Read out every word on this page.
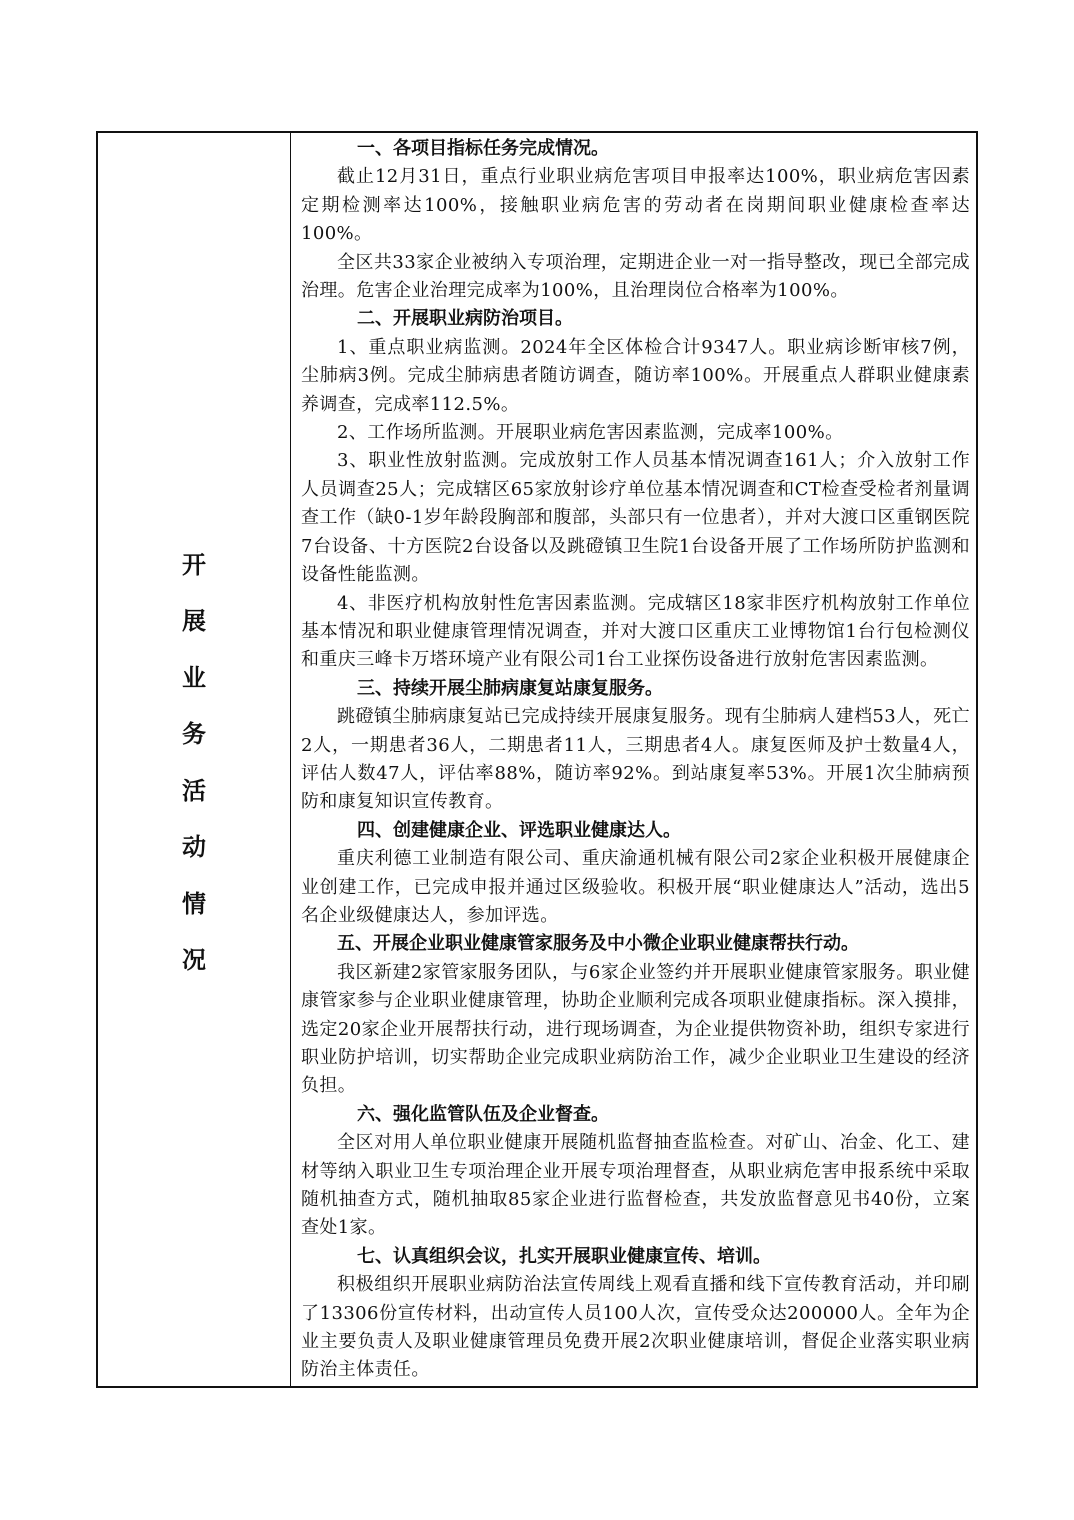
开
展
业
务
活
动
情
况
一、各项目指标任务完成情况。

截止12月31日，重点行业职业病危害项目申报率达100%，职业病危害因素定期检测率达100%，接触职业病危害的劳动者在岗期间职业健康检查率达100%。

全区共33家企业被纳入专项治理，定期进企业一对一指导整改，现已全部完成治理。危害企业治理完成率为100%，且治理岗位合格率为100%。

二、开展职业病防治项目。

1、重点职业病监测。2024年全区体检合计9347人。职业病诊断审核7例，尘肺病3例。完成尘肺病患者随访调查，随访率100%。开展重点人群职业健康素养调查，完成率112.5%。

2、工作场所监测。开展职业病危害因素监测，完成率100%。

3、职业性放射监测。完成放射工作人员基本情况调查161人；介入放射工作人员调查25人；完成辖区65家放射诊疗单位基本情况调查和CT检查受检者剂量调查工作（缺0-1岁年龄段胸部和腹部，头部只有一位患者），并对大渡口区重钢医院7台设备、十方医院2台设备以及跳磴镇卫生院1台设备开展了工作场所防护监测和设备性能监测。

4、非医疗机构放射性危害因素监测。完成辖区18家非医疗机构放射工作单位基本情况和职业健康管理情况调查，并对大渡口区重庆工业博物馆1台行包检测仪和重庆三峰卡万塔环境产业有限公司1台工业探伤设备进行放射危害因素监测。

三、持续开展尘肺病康复站康复服务。

跳磴镇尘肺病康复站已完成持续开展康复服务。现有尘肺病人建档53人，死亡2人，一期患者36人，二期患者11人，三期患者4人。康复医师及护士数量4人，评估人数47人，评估率88%，随访率92%。到站康复率53%。开展1次尘肺病预防和康复知识宣传教育。

四、创建健康企业、评选职业健康达人。

重庆利德工业制造有限公司、重庆渝通机械有限公司2家企业积极开展健康企业创建工作，已完成申报并通过区级验收。积极开展“职业健康达人”活动，选出5名企业级健康达人，参加评选。

五、开展企业职业健康管家服务及中小微企业职业健康帮扶行动。

我区新建2家管家服务团队，与6家企业签约并开展职业健康管家服务。职业健康管家参与企业职业健康管理，协助企业顺利完成各项职业健康指标。深入摸排，选定20家企业开展帮扶行动，进行现场调查，为企业提供物资补助，组织专家进行职业防护培训，切实帮助企业完成职业病防治工作，减少企业职业卫生建设的经济负担。

六、强化监管队伍及企业督查。

全区对用人单位职业健康开展随机监督抽查监检查。对矿山、冶金、化工、建材等纳入职业卫生专项治理企业开展专项治理督查，从职业病危害申报系统中采取随机抽查方式，随机抽取85家企业进行监督检查，共发放监督意见书40份，立案查处1家。

七、认真组织会议，扎实开展职业健康宣传、培训。

积极组织开展职业病防治法宣传周线上观看直播和线下宣传教育活动，并印刷了13306份宣传材料，出动宣传人员100人次，宣传受众达200000人。全年为企业主要负责人及职业健康管理员免费开展2次职业健康培训，督促企业落实职业病防治主体责任。
